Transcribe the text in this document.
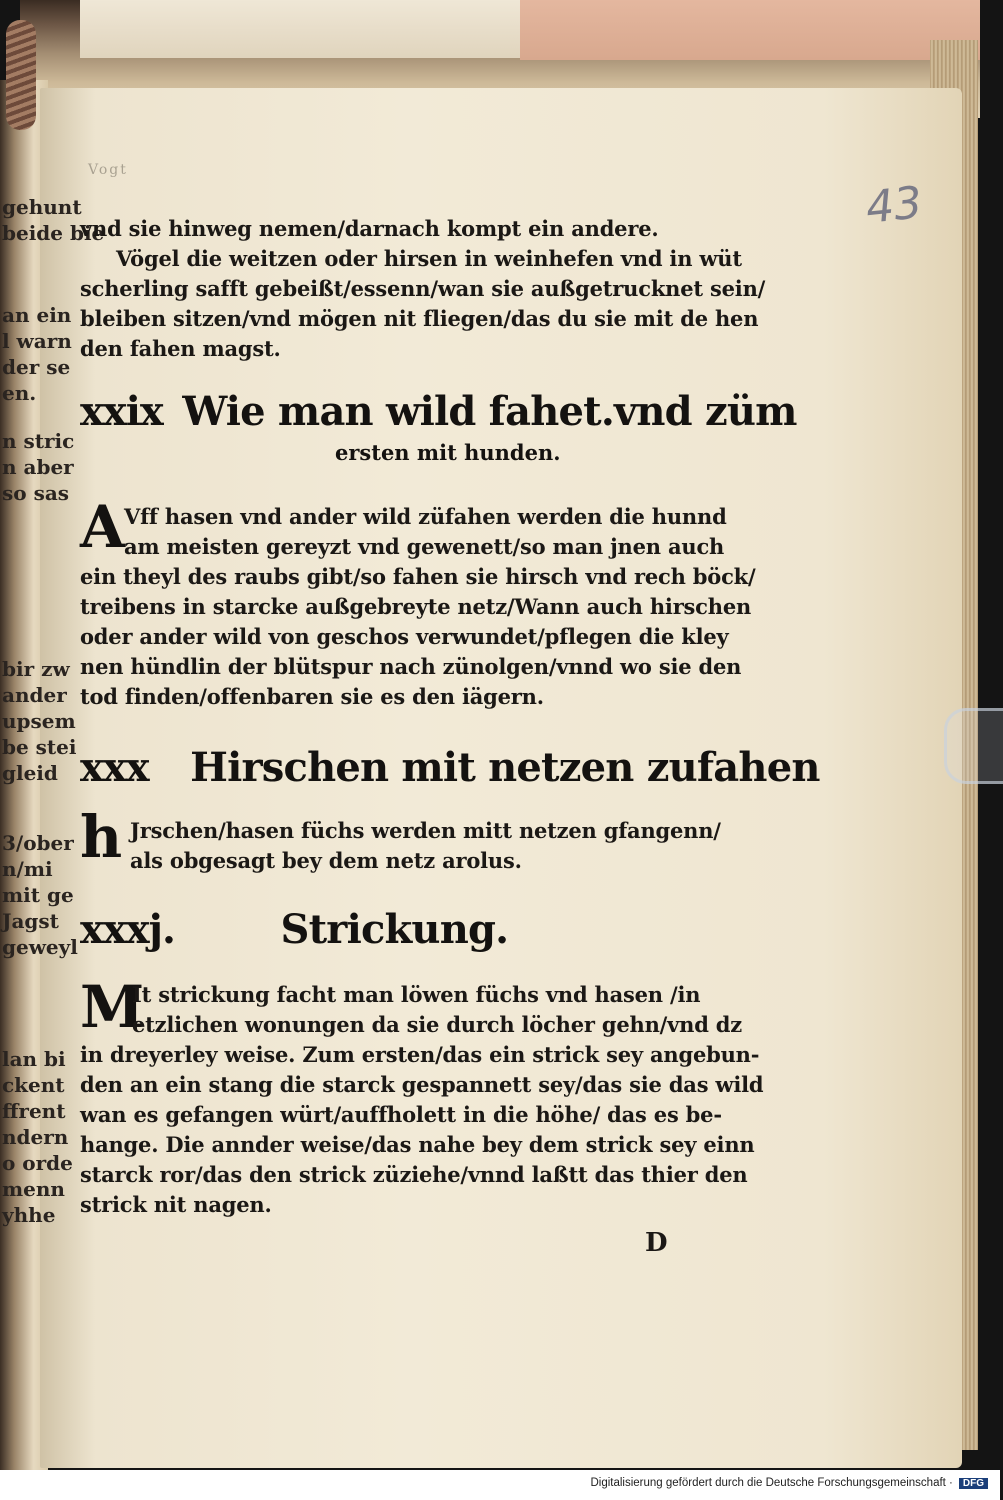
gehunt
beide bie
an ein
l warn
der se
en.
n stric
n aber
so sas
bir zw
ander
upsem
be stei
gleid
3/ober
n/mi
mit ge
Jagst
geweyl
lan bi
ckent
ffrent
ndern
o orde
menn
yhhe
Vogt
43
vnd sie hinweg nemen/darnach kompt ein andere.
Vögel die weitzen oder hirsen in weinhefen vnd in wüt
scherling safft gebeißt/essenn/wan sie außgetrucknet sein/
bleiben sitzen/vnd mögen nit fliegen/das du sie mit de hen
den fahen magst.
xxix Wie man wild fahet.vnd züm
ersten mit hunden.
A
Vff hasen vnd ander wild züfahen werden die hunnd
am meisten gereyzt vnd gewenett/so man jnen auch
ein theyl des raubs gibt/so fahen sie hirsch vnd rech böck/
treibens in starcke außgebreyte netz/Wann auch hirschen
oder ander wild von geschos verwundet/pflegen die kley
nen hündlin der blütspur nach zünolgen/vnnd wo sie den
tod finden/offenbaren sie es den iägern.
xxx Hirschen mit netzen zufahen
h Jrschen/hasen füchs werden mitt netzen gfangenn/
als obgesagt bey dem netz arolus.
xxxj.	Strickung.
M
It strickung facht man löwen füchs vnd hasen /in
etzlichen wonungen da sie durch löcher gehn/vnd dz
in dreyerley weise. Zum ersten/das ein strick sey angebun-
den an ein stang die starck gespannett sey/das sie das wild
wan es gefangen würt/auffholett in die höhe/ das es be-
hange. Die annder weise/das nahe bey dem strick sey einn
starck ror/das den strick züziehe/vnnd laßtt das thier den
strick nit nagen.
D
Digitalisierung gefördert durch die Deutsche Forschungsgemeinschaft · DFG
